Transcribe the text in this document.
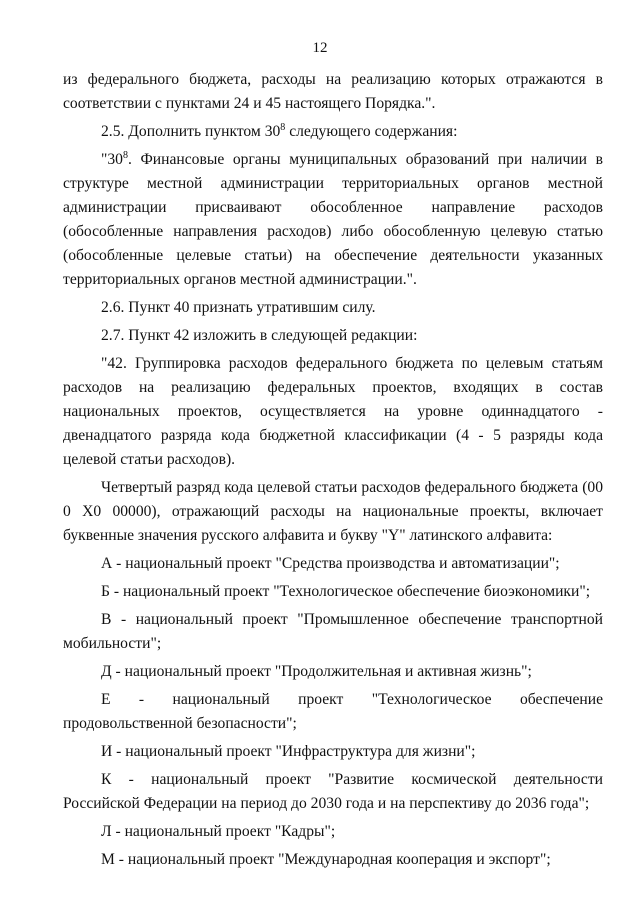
12

из федерального бюджета, расходы на реализацию которых отражаются в соответствии с пунктами 24 и 45 настоящего Порядка.".

2.5. Дополнить пунктом $30^8$ следующего содержания:

"$30^8$. Финансовые органы муниципальных образований при наличии в структуре местной администрации территориальных органов местной администрации присваивают обособленное направление расходов (обособленные направления расходов) либо обособленную целевую статью (обособленные целевые статьи) на обеспечение деятельности указанных территориальных органов местной администрации.".

2.6. Пункт 40 признать утратившим силу.

2.7. Пункт 42 изложить в следующей редакции:

"42. Группировка расходов федерального бюджета по целевым статьям расходов на реализацию федеральных проектов, входящих в состав национальных проектов, осуществляется на уровне одиннадцатого - двенадцатого разряда кода бюджетной классификации (4 - 5 разряды кода целевой статьи расходов).

Четвертый разряд кода целевой статьи расходов федерального бюджета (00 0 Х0 00000), отражающий расходы на национальные проекты, включает буквенные значения русского алфавита и букву "Y" латинского алфавита:

А - национальный проект "Средства производства и автоматизации";

Б - национальный проект "Технологическое обеспечение биоэкономики";

В - национальный проект "Промышленное обеспечение транспортной мобильности";

Д - национальный проект "Продолжительная и активная жизнь";

Е - национальный проект "Технологическое обеспечение продовольственной безопасности";

И - национальный проект "Инфраструктура для жизни";

К - национальный проект "Развитие космической деятельности Российской Федерации на период до 2030 года и на перспективу до 2036 года";

Л - национальный проект "Кадры";

М - национальный проект "Международная кооперация и экспорт";
